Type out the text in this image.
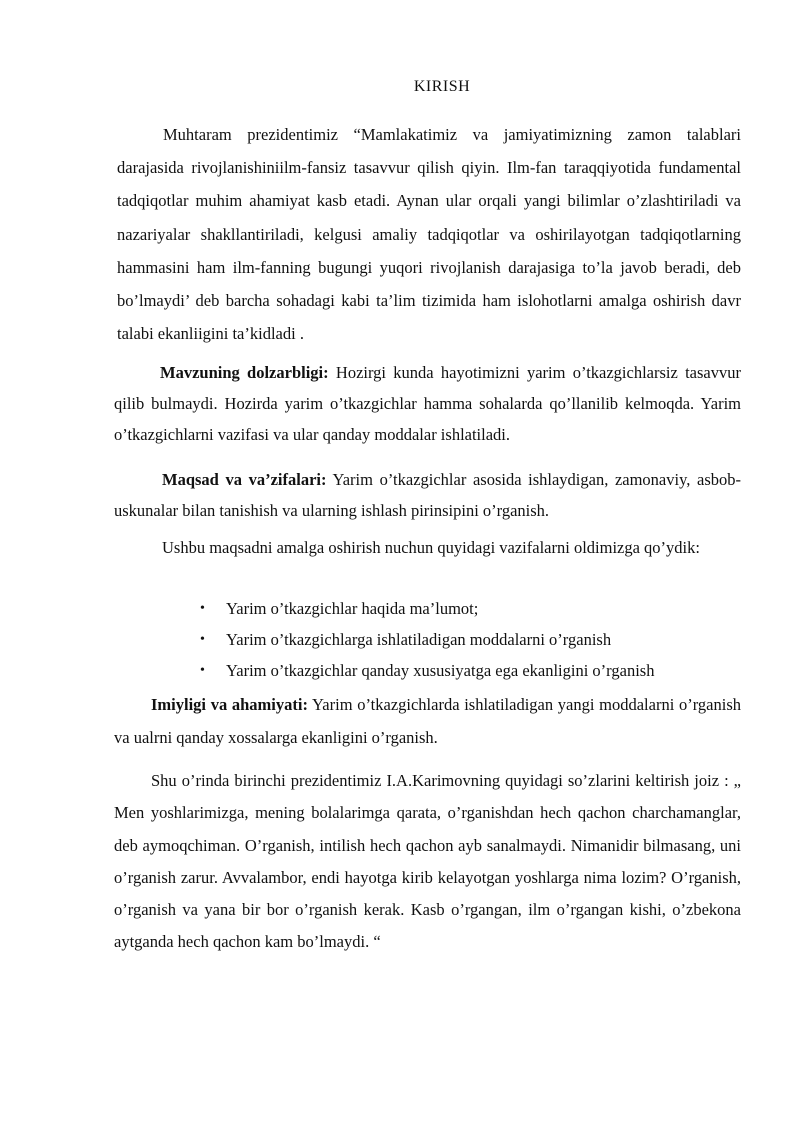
KIRISH

Muhtaram prezidentimiz “Mamlakatimiz va jamiyatimizning zamon talablari darajasida rivojlanishiniilm-fansiz tasavvur qilish qiyin. Ilm-fan taraqqiyotida fundamental tadqiqotlar muhim ahamiyat kasb etadi. Aynan ular orqali yangi bilimlar o’zlashtiriladi va nazariyalar shakllantiriladi, kelgusi amaliy tadqiqotlar va oshirilayotgan tadqiqotlarning hammasini ham ilm-fanning bugungi yuqori rivojlanish darajasiga to’la javob beradi, deb bo’lmaydi’ deb barcha sohadagi kabi ta’lim tizimida ham islohotlarni amalga oshirish davr talabi ekanliigini ta’kidladi .

Mavzuning dolzarbligi: Hozirgi kunda hayotimizni yarim o’tkazgichlarsiz tasavvur qilib bulmaydi. Hozirda yarim o’tkazgichlar hamma sohalarda qo’llanilib kelmoqda. Yarim o’tkazgichlarni vazifasi va ular qanday moddalar ishlatiladi.

Maqsad va va’zifalari: Yarim o’tkazgichlar asosida ishlaydigan, zamonaviy, asbob-uskunalar bilan tanishish va ularning ishlash pirinsipini o’rganish.

Ushbu maqsadni amalga oshirish nuchun quyidagi vazifalarni oldimizga qo’ydik:

• Yarim o’tkazgichlar haqida ma’lumot;
• Yarim o’tkazgichlarga ishlatiladigan moddalarni o’rganish
• Yarim o’tkazgichlar qanday xususiyatga ega ekanligini o’rganish

Imiyligi va ahamiyati: Yarim o’tkazgichlarda ishlatiladigan yangi moddalarni o’rganish va ualrni qanday xossalarga ekanligini o’rganish.

Shu o’rinda birinchi prezidentimiz I.A.Karimovning quyidagi so’zlarini keltirish joiz : „ Men yoshlarimizga, mening bolalarimga qarata, o’rganishdan hech qachon charchamanglar, deb aymoqchiman. O’rganish, intilish hech qachon ayb sanalmaydi. Nimanidir bilmasang, uni o’rganish zarur. Avvalambor, endi hayotga kirib kelayotgan yoshlarga nima lozim? O’rganish, o’rganish va yana bir bor o’rganish kerak. Kasb o’rgangan, ilm o’rgangan kishi, o’zbekona aytganda hech qachon kam bo’lmaydi. “
